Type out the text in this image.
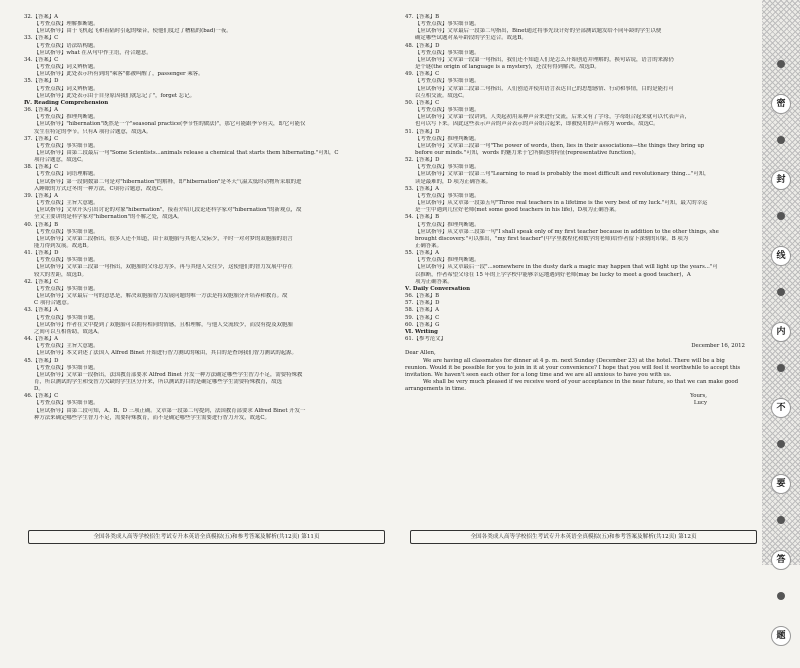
32.【答案】A
【考查点拨】理解推断题。
【应试指导】由于飞机起飞和着陆时引起的噪音，使他们度过了糟糕的(bad)一夜。
33.【答案】C
【考查点拨】语法结构题。
【应试指导】what 在从句中作主语，符合题意。
34.【答案】C
【考查点拨】词义辨析题。
【应试指导】此处表示所有到的"乘客"都被叫醒了，passenger 乘客。
35.【答案】D
【考查点拨】词义辨析题。
【应试指导】此处表示由于自身原因我们就忘记了"，forget 忘记。
Ⅳ. Reading Comprehension
36.【答案】A
【考查点拨】推理判断题。
【应试指导】"hibernation"既然是一个"seasonal practice(季节性的做法)"，那它可能跟季节有关，即它可能仅
发生在特定的季节。只有A 项符合题意，故选A。
37.【答案】C
【考查点拨】事实细节题。
【应试指导】由第二段最后一句"Some Scientists...animals release a chemical that starts them hibernating."可知，C
项符合题意，故选C。
38.【答案】C
【考查点拨】词语理解题。
【应试指导】第一段倒数第二句是对"hibernation"的解释，即"hibernation"是冬天气温太低时动物所采取的进
入睡眠的方式过冬的一种方法，C项符合题意，故选C。
39.【答案】A
【考查点拨】主旨大意题。
【应试指导】文章开头引出讨论的对象"hibernation"，接着介绍几段论述科学家对"hibernation"的新观点，故
全文主要讲的是科学家对"hibernation"的不解之处，故选A。
40.【答案】B
【考查点拨】事实细节题。
【应试指导】文章第二段指出，很多人还不知道，由于双胞胎与其他人交际少，平时一对对梦的双胞胎的语言
能力得到发展。故选B。
41.【答案】D
【考查点拨】事实细节题。
【应试指导】文章第三段第一句指出，双胞胎的父母总为多，再与其他人交往少，这使他们的智力发展中存在
较大的差距，故选D。
42.【答案】C
【考查点拨】事实细节题。
【应试指导】文章最后一句的意思是，解决双胞胎智力发展问题的唯一方法是将双胞胎分开培养和教育。故
C 项符合题意。
43.【答案】A
【考查点拨】事实细节题。
【应试指导】作者在文中提到了双胞胎可以拥有相同的情感，且相理解，与他人交流较少，而没有提及双胞胎
之间可以互相帮助，故选A。
44.【答案】A
【考查点拨】主旨大意题。
【应试指导】本文讲述了法国人 Alfred Binet 开始进行智力测试的缘由，其目的是查询我们智力测试的起源。
45.【答案】D
【考查点拨】事实细节题。
【应试指导】文章第一段指出，法国教育部要求 Alfred Binet 开发一种方法确定哪些学生智力不足，需要特殊教
育，所以测试的学生和受智力欠缺的学生区分开来，所以测试的目的是确定哪些学生需要特殊教育，故选
D。
46.【答案】C
【考查点拨】事实细节题。
【应试指导】由第二段可知，A、B、D 三项正确。文章第一段第二句提到，法国教育部要求 Alfred Binet 开发一
种方法来确定哪些学生智力不足，需要特殊教育，而不是确定哪些学生需要进行智力开发，故选C。
全国各类成人高等学校招生考试专升本英语全真模拟(五)和参考答案及解析(共12页) 第11页
47.【答案】B
【考查点拨】事实细节题。
【应试指导】文章最后一段第二句指出，Binet通过将事先设计好的全部测试题发给不同年龄的学生以便
确定哪些试题对某年龄段的学生适合。故选B。
48.【答案】D
【考查点拨】事实细节题。
【应试指导】文章第一段第一句指出，我们还不知道人们是怎么开始创造并理解的，换句话说，语言的来源仍
是个谜(the origin of language is a mystery)，还没有得到解决。故选D。
49.【答案】C
【考查点拨】事实细节题。
【应试指导】文章第二段第二句指出，人们创造并使用语言表达自己的思想感情、行动和事情，目的是能打可
以互相交流。故选C。
50.【答案】C
【考查点拨】事实细节题。
【应试指导】文章第一段讲到，人类起初用某种声音来进行交流，后来又有了字母，字母组合起来就可以代表声音，
也可以写下来。因此这些表示声音的声音表示的声音组合起来，即被使用的声音称为 words。故选C。
51.【答案】D
【考查点拨】推理判断题。
【应试指导】文章第三段第一句"The power of words, then, lies in their associations—the things they bring up
before our minds."可知，words 的魅力来于它所描述的特征(representative function)。
52.【答案】D
【考查点拨】事实细节题。
【应试指导】文章第一段第三句"Learning to read is probably the most difficult and revolutionary thing..."可知，
读是最难的，D 项为正确答案。
53.【答案】A
【考查点拨】事实细节题。
【应试指导】从文章第一段第五句"Three real teachers in a lifetime is the very best of my luck."可知，最大的幸运
是一生中遇到几位好老师(met some good teachers in his life)，D项为正确答案。
54.【答案】B
【考查点拨】推理判断题。
【应试指导】从文章第三段第一句"I shall speak only of my first teacher because in addition to the other things, she
brought discovery."可以推出，"my first teacher"(中学里教程化和数学的老师)给作者留下深刻的印象。B 项为
正确答案。
55.【答案】A
【考查点拨】推理判断题。
【应试指导】从文章最后一段"...somewhere in the dusty dark a magic may happen that will light up the years..."可
以推断，作者希望父母在 15 年的上学学校中能够幸运地遇到好老师(may be lucky to meet a good teacher)，A
项为正确答案。
Ⅴ. Daily Conversation
56.【答案】B
57.【答案】D
58.【答案】A
59.【答案】C
60.【答案】G
Ⅵ. Writing
61.【参考范文】
December 16, 2012
Dear Allen,
We are having all classmates for dinner at 4 p. m. next Sunday (December 23) at the hotel. There will be a big
reunion. Would it be possible for you to join in it at your convenience? I hope that you will feel it worthwhile to accept this
invitation. We haven't seen each other for a long time and we are all anxious to have you with us.
We shall be very much pleased if we receive word of your acceptance in the near future, so that we can make good
arrangements in time.
Yours,
Lucy
全国各类成人高等学校招生考试专升本英语全真模拟(五)和参考答案及解析(共12页) 第12页
密
封
线
内
不
要
答
题
